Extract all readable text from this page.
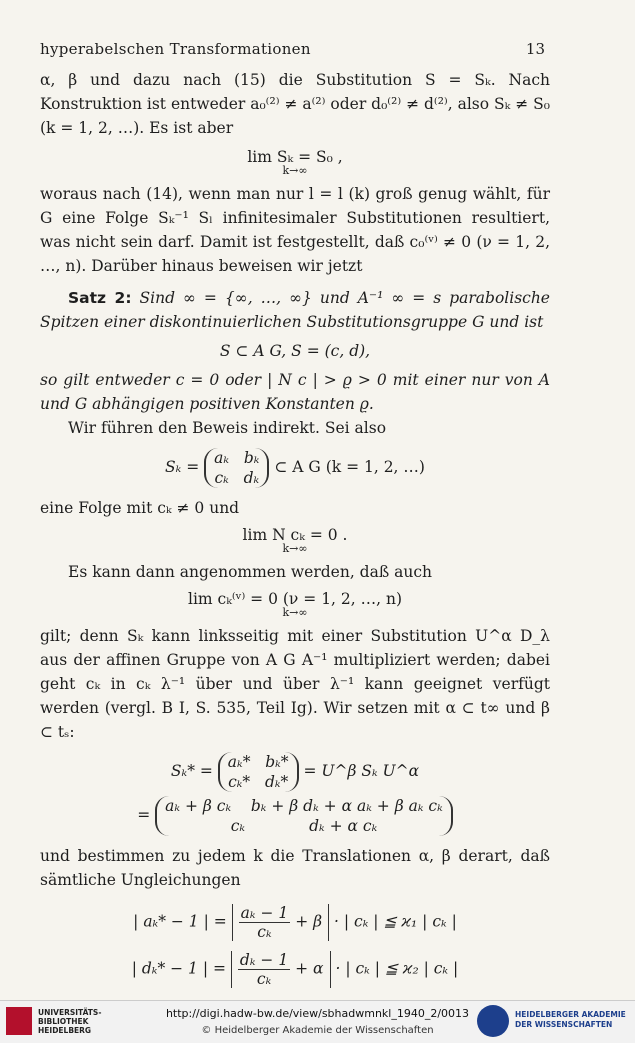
hyperabelschen Transformationen	13

α, β und dazu nach (15) die Substitution S = Sₖ. Nach Konstruktion ist entweder a₀⁽²⁾ ≠ a⁽²⁾ oder d₀⁽²⁾ ≠ d⁽²⁾, also Sₖ ≠ S₀ (k = 1, 2, …). Es ist aber

lim Sₖ = S₀ ,
k→∞

woraus nach (14), wenn man nur l = l (k) groß genug wählt, für G eine Folge Sₖ⁻¹ Sₗ infinitesimaler Substitutionen resultiert, was nicht sein darf. Damit ist festgestellt, daß c₀⁽ᵛ⁾ ≠ 0 (ν = 1, 2, …, n). Darüber hinaus beweisen wir jetzt

Satz 2: Sind ∞ = {∞, …, ∞} und A⁻¹ ∞ = s parabolische Spitzen einer diskontinuierlichen Substitutionsgruppe G und ist

S ⊂ A G, S = (c, d),

so gilt entweder c = 0 oder | N c | > ϱ > 0 mit einer nur von A und G abhängigen positiven Konstanten ϱ.

Wir führen den Beweis indirekt. Sei also

Sₖ = aₖ bₖ
cₖ dₖ ⊂ A G (k = 1, 2, …)

eine Folge mit cₖ ≠ 0 und

lim N cₖ = 0 .
k→∞

Es kann dann angenommen werden, daß auch

lim cₖ⁽ᵛ⁾ = 0 (ν = 1, 2, …, n)
k→∞

gilt; denn Sₖ kann linksseitig mit einer Substitution U^α D_λ aus der affinen Gruppe von A G A⁻¹ multipliziert werden; dabei geht cₖ in cₖ λ⁻¹ über und über λ⁻¹ kann geeignet verfügt werden (vergl. B I, S. 535, Teil Ig). Wir setzen mit α ⊂ t∞ und β ⊂ tₛ:

Sₖ* = aₖ* bₖ*
cₖ* dₖ* = U^β Sₖ U^α
= aₖ + β cₖ bₖ + β dₖ + α aₖ + β aₖ cₖ
cₖ	dₖ + α cₖ

und bestimmen zu jedem k die Translationen α, β derart, daß sämtliche Ungleichungen

| aₖ* − 1 | = $\frac{\text{aₖ − 1}}{\text{cₖ}} + \beta$ · | cₖ | ≦ ϰ₁ | cₖ |
| dₖ* − 1 | = $\frac{\text{dₖ − 1}}{\text{cₖ}} + \alpha$ · | cₖ | ≦ ϰ₂ | cₖ |
UNIVERSITÄTS-
BIBLIOTHEK
HEIDELBERG
http://digi.hadw-bw.de/view/sbhadwmnkl_1940_2/0013
© Heidelberger Akademie der Wissenschaften
HEIDELBERGER AKADEMIE
DER WISSENSCHAFTEN
